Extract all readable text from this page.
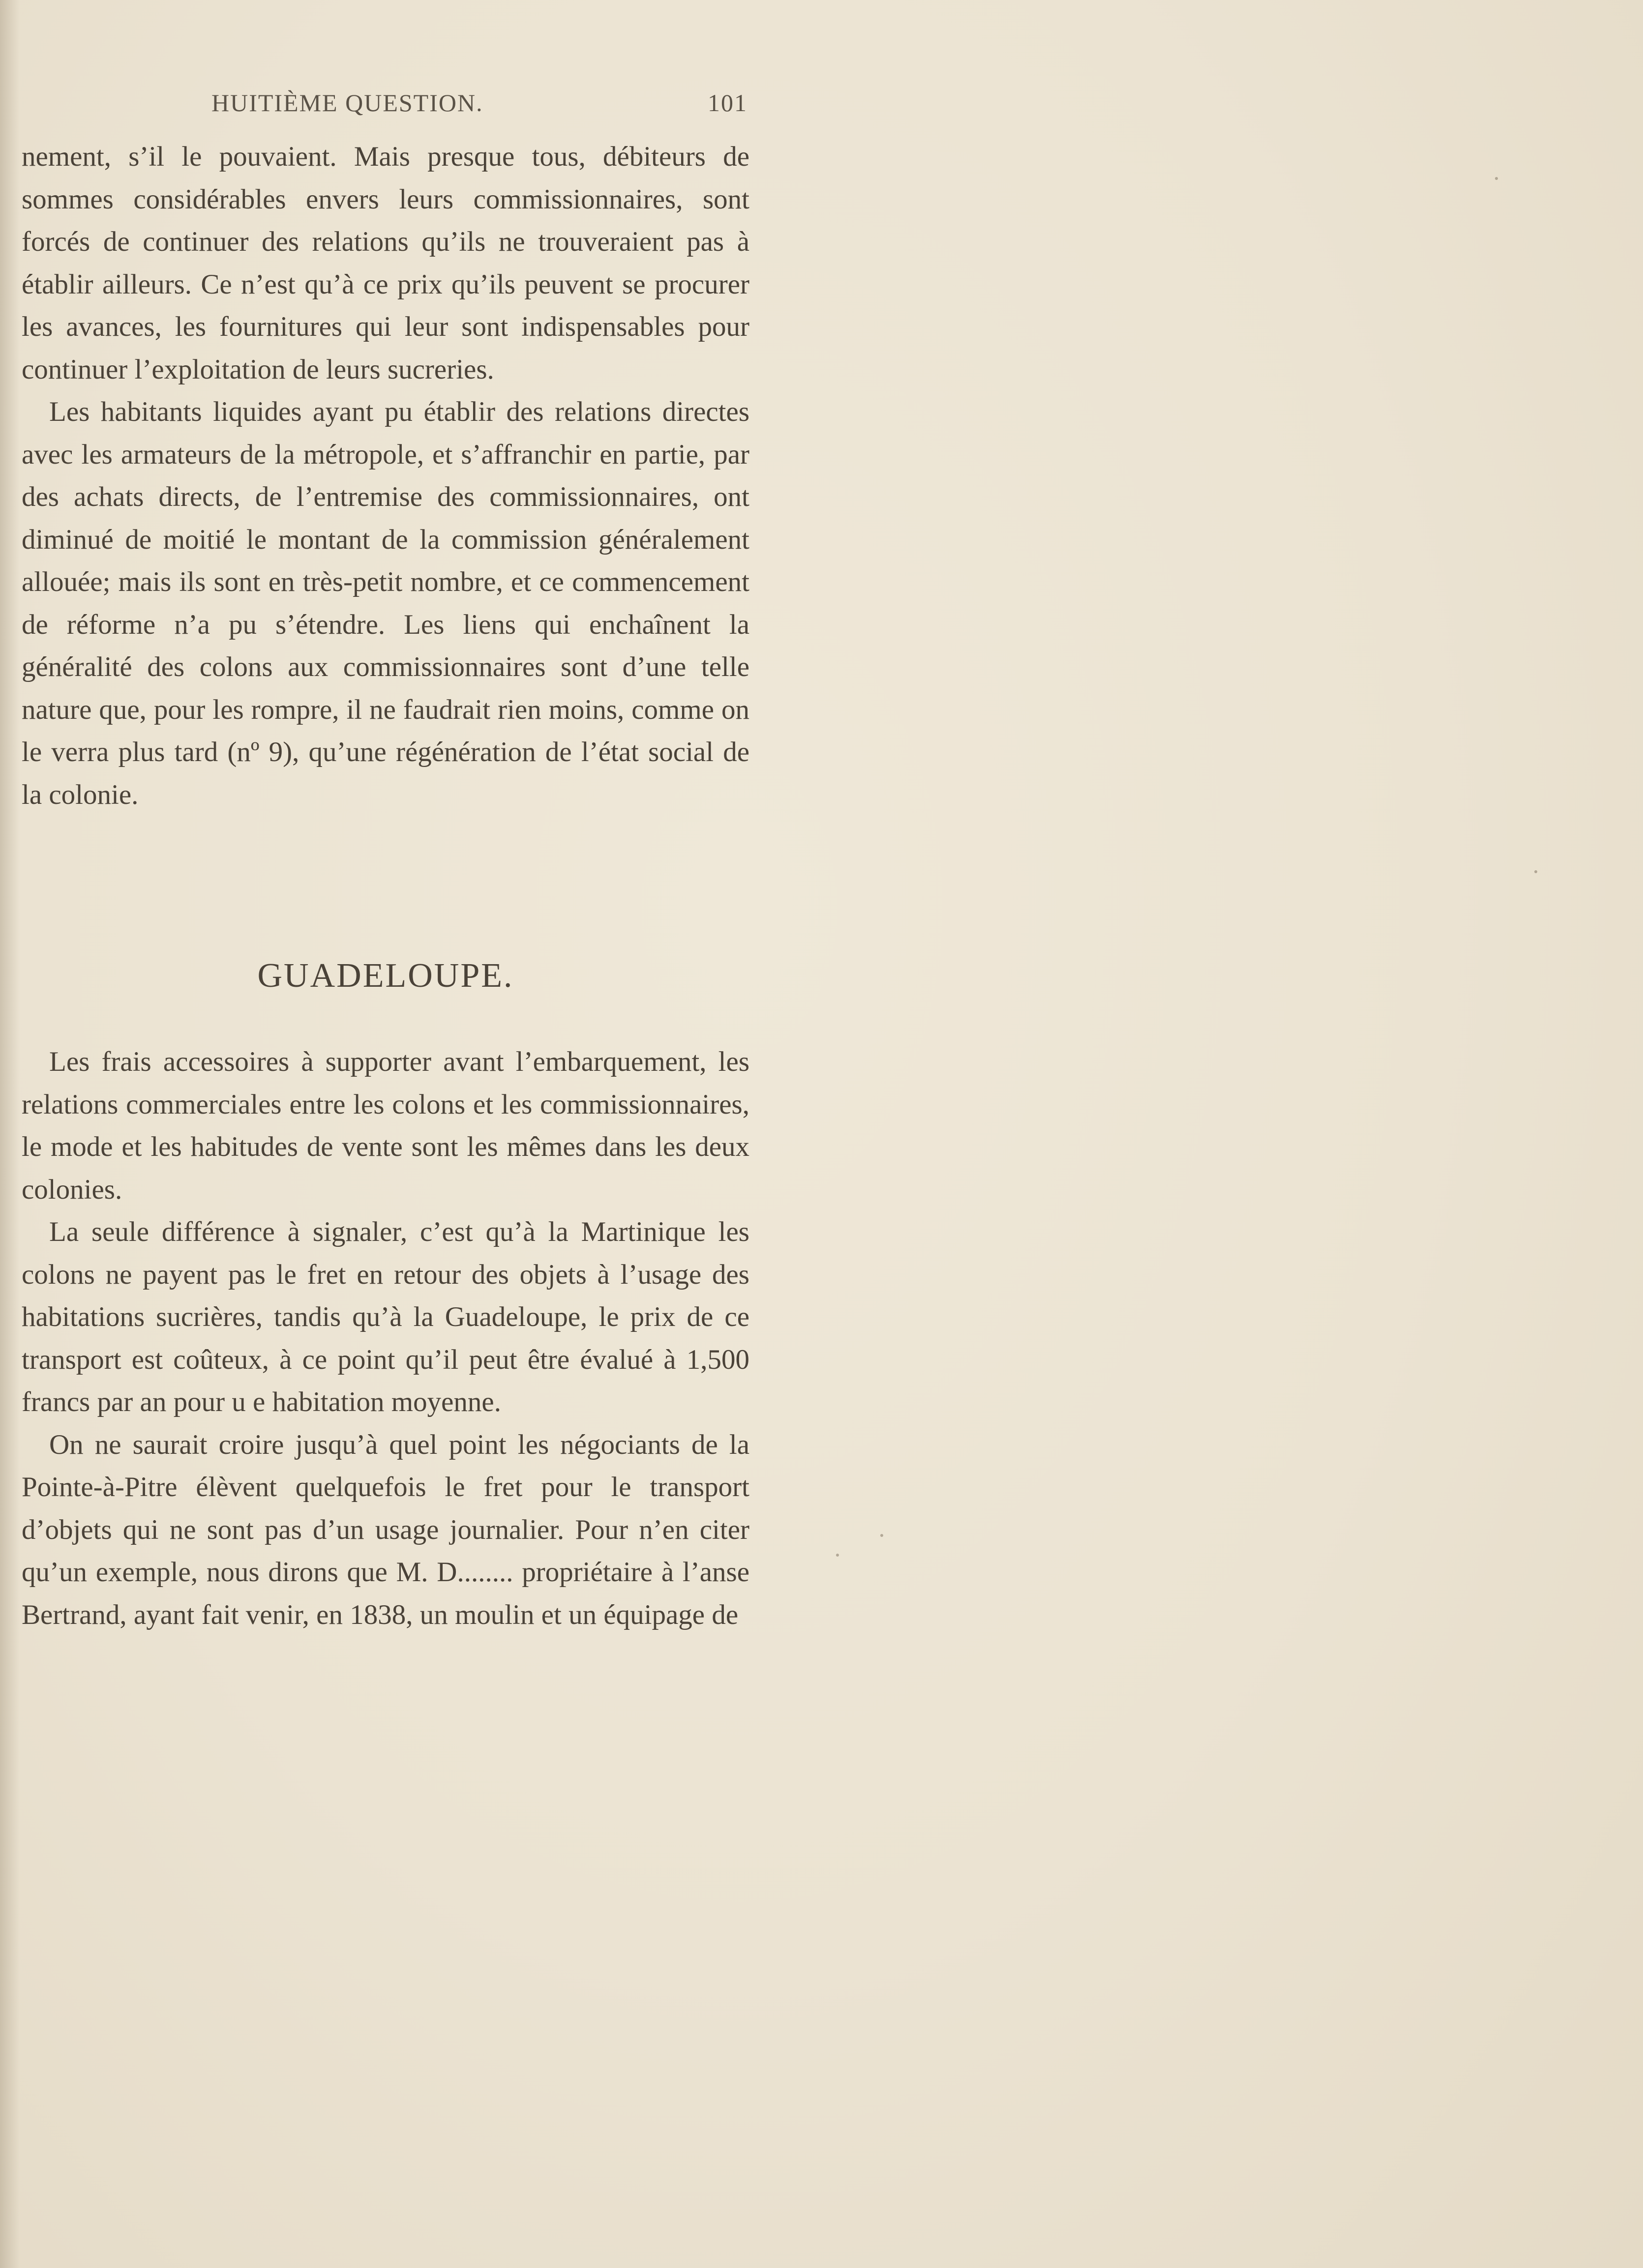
HUITIÈME QUESTION.	101

nement, s’il le pouvaient. Mais presque tous, débiteurs de sommes considérables envers leurs commissionnaires, sont forcés de continuer des relations qu’ils ne trouveraient pas à établir ailleurs. Ce n’est qu’à ce prix qu’ils peuvent se procurer les avances, les fournitures qui leur sont indispensables pour continuer l’exploitation de leurs sucreries.

Les habitants liquides ayant pu établir des relations directes avec les armateurs de la métropole, et s’affranchir en partie, par des achats directs, de l’entremise des commissionnaires, ont diminué de moitié le montant de la commission généralement allouée; mais ils sont en très-petit nombre, et ce commencement de réforme n’a pu s’étendre. Les liens qui enchaînent la généralité des colons aux commissionnaires sont d’une telle nature que, pour les rompre, il ne faudrait rien moins, comme on le verra plus tard (nº 9), qu’une régénération de l’état social de la colonie.

GUADELOUPE.

Les frais accessoires à supporter avant l’embarquement, les relations commerciales entre les colons et les commissionnaires, le mode et les habitudes de vente sont les mêmes dans les deux colonies.

La seule différence à signaler, c’est qu’à la Martinique les colons ne payent pas le fret en retour des objets à l’usage des habitations sucrières, tandis qu’à la Guadeloupe, le prix de ce transport est coûteux, à ce point qu’il peut être évalué à 1,500 francs par an pour u e habitation moyenne.

On ne saurait croire jusqu’à quel point les négociants de la Pointe-à-Pitre élèvent quelquefois le fret pour le transport d’objets qui ne sont pas d’un usage journalier. Pour n’en citer qu’un exemple, nous dirons que M. D........ propriétaire à l’anse Bertrand, ayant fait venir, en 1838, un moulin et un équipage de
